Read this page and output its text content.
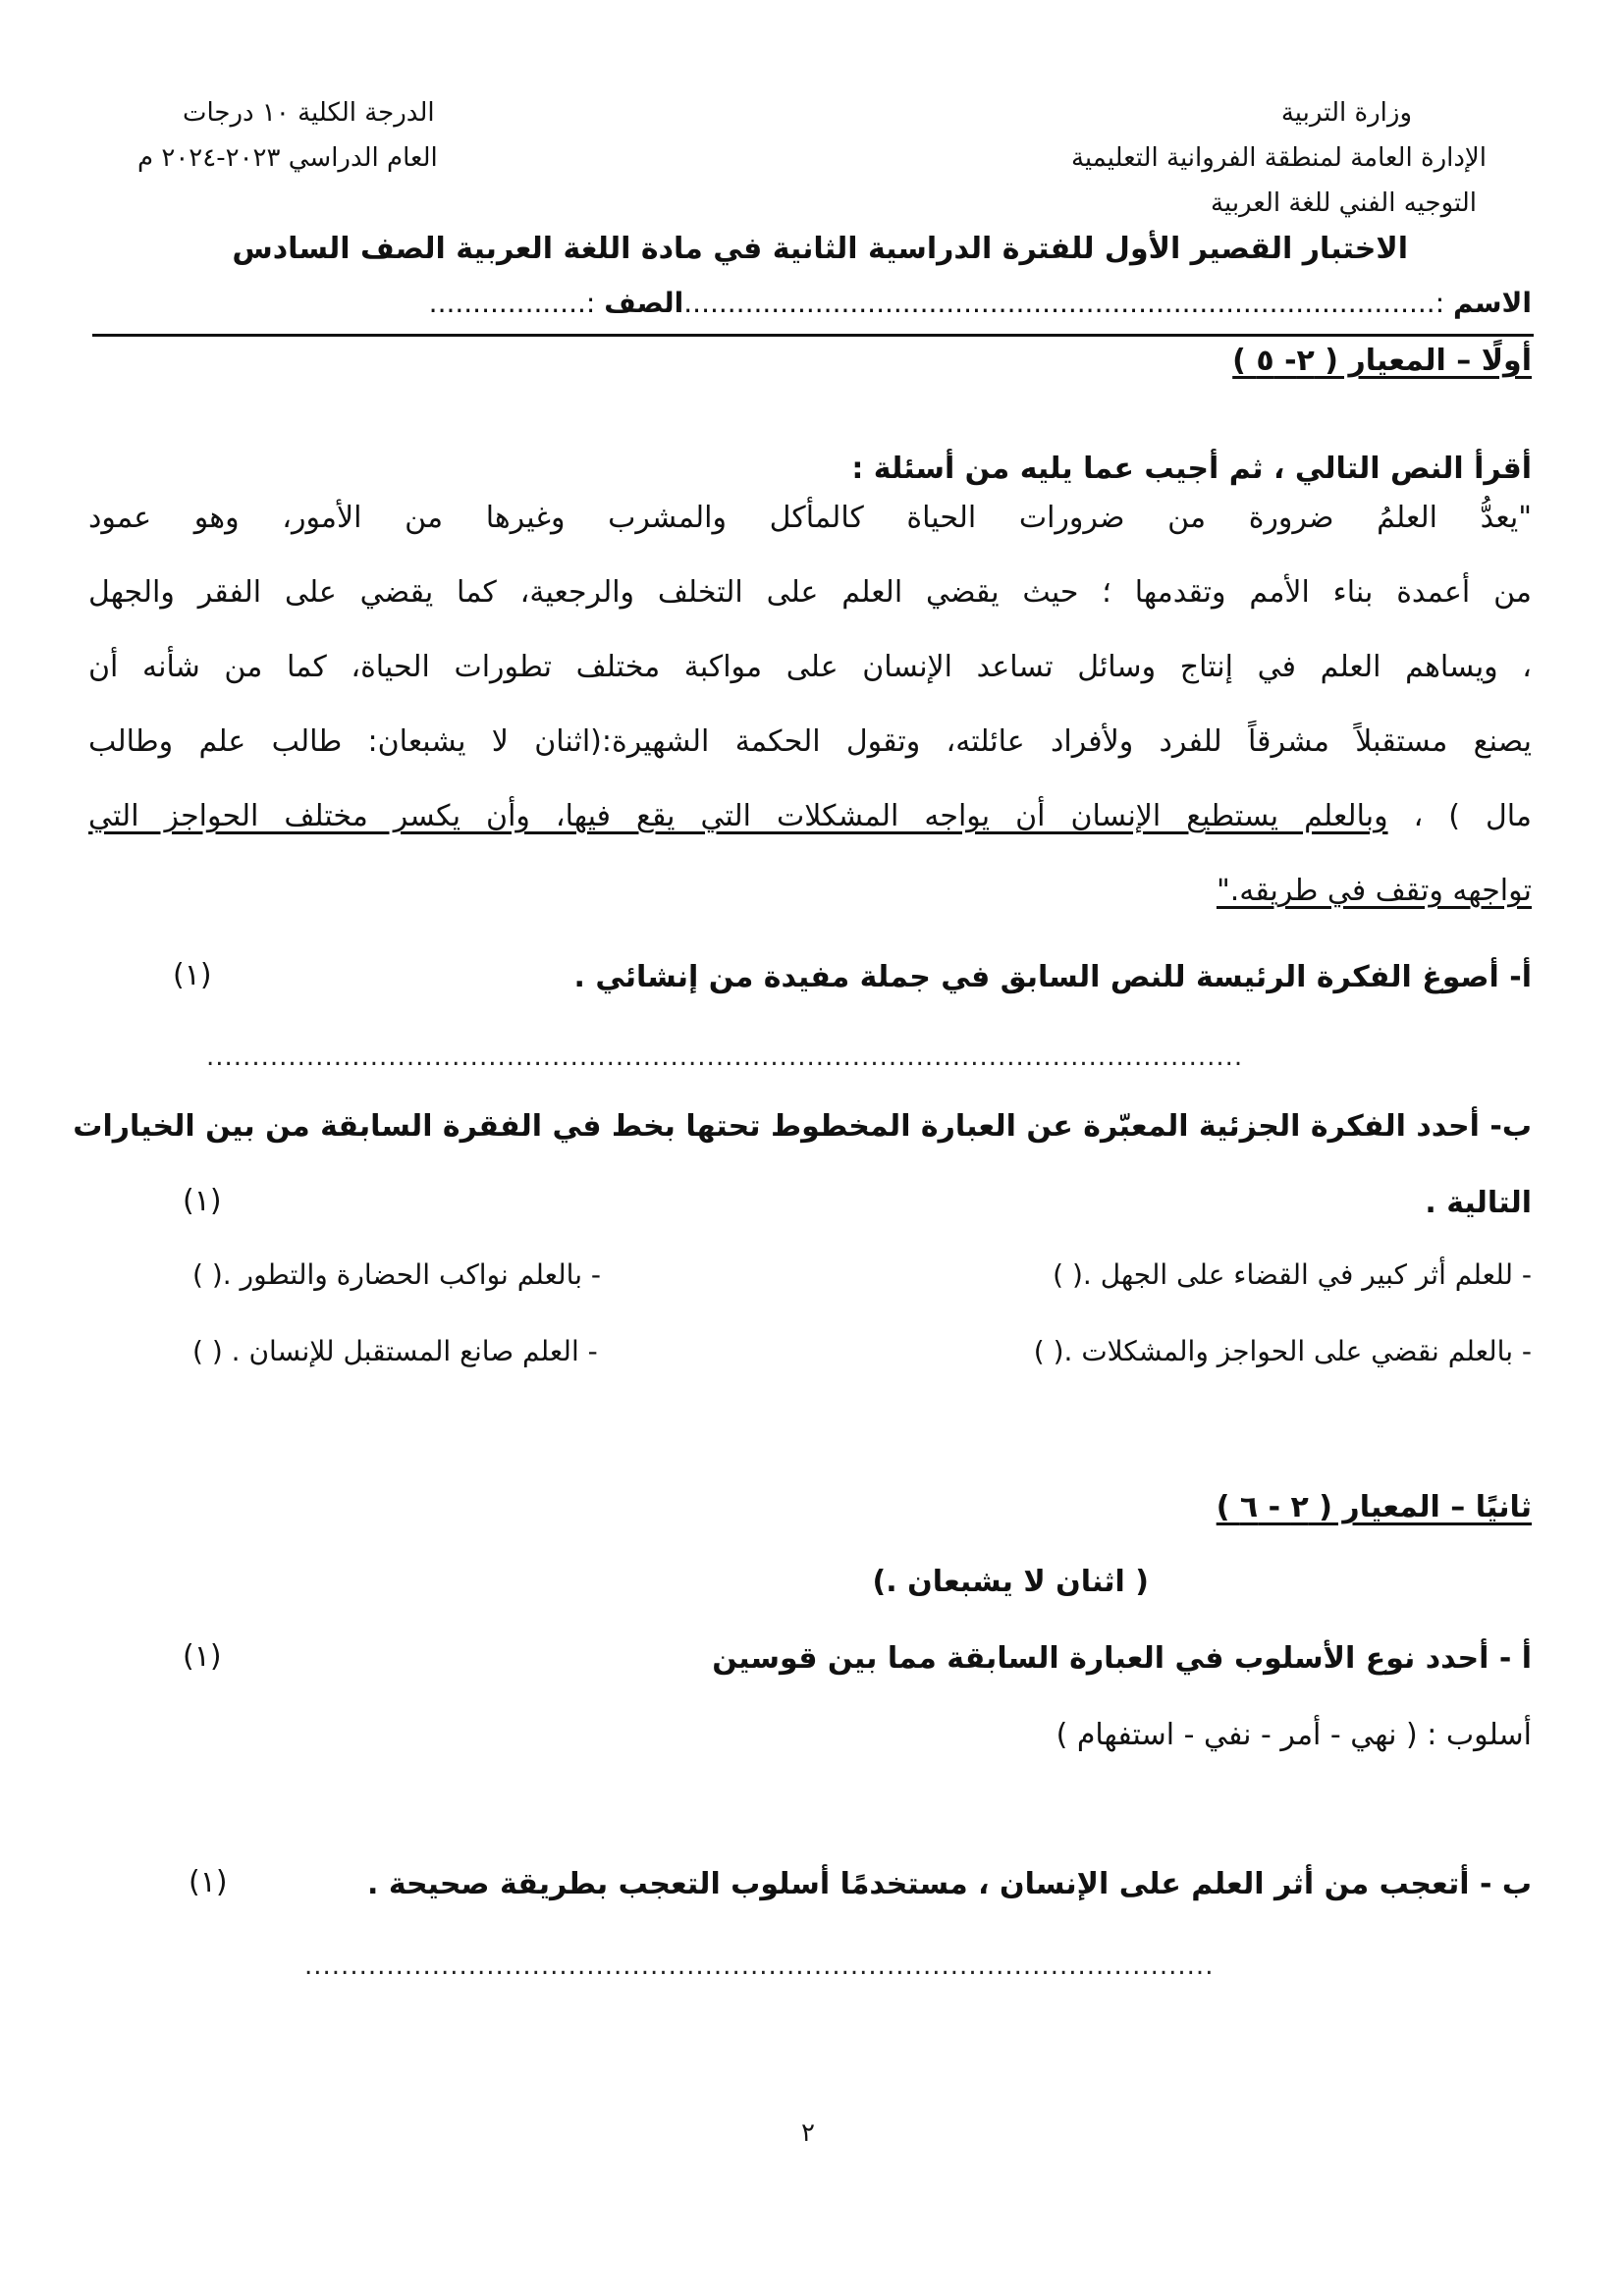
الدرجة الكلية ١٠ درجات
العام الدراسي ٢٠٢٣-٢٠٢٤ م
وزارة التربية
الإدارة العامة لمنطقة الفروانية التعليمية
التوجيه الفني للغة العربية
الاختبار القصير الأول للفترة الدراسية الثانية في مادة اللغة العربية الصف السادس
الاسم :......................................................................................الصف :..................
أولًا – المعيار ( ٢- ٥ )
أقرأ النص التالي ، ثم أجيب عما يليه من أسئلة :
"يعدُّ العلمُ ضرورة من ضرورات الحياة كالمأكل والمشرب وغيرها من الأمور، وهو عمود
من أعمدة بناء الأمم وتقدمها ؛ حيث يقضي العلم على التخلف والرجعية، كما يقضي على الفقر والجهل
، ويساهم العلم في إنتاج وسائل تساعد الإنسان على مواكبة مختلف تطورات الحياة، كما من شأنه أن
يصنع مستقبلاً مشرقاً للفرد ولأفراد عائلته، وتقول الحكمة الشهيرة:(اثنان لا يشبعان: طالب علم وطالب
مال ) ، وبالعلم يستطيع الإنسان أن يواجه المشكلات التي يقع فيها، وأن يكسر مختلف الحواجز التي
تواجهه وتقف في طريقه."
أ- أصوغ الفكرة الرئيسة للنص السابق في جملة مفيدة من إنشائي .
(١)
..................................................................................................................
ب- أحدد الفكرة الجزئية المعبّرة عن العبارة المخطوط تحتها بخط في الفقرة السابقة من بين الخيارات
التالية .
(١)
- للعلم أثر كبير في القضاء على الجهل .( )
- بالعلم نواكب الحضارة والتطور .( )
- بالعلم نقضي على الحواجز والمشكلات .( )
- العلم صانع المستقبل للإنسان . ( )
ثانيًا – المعيار ( ٢ - ٦ )
( اثنان لا يشبعان .)
أ - أحدد نوع الأسلوب في العبارة السابقة مما بين قوسين
(١)
أسلوب : ( نهي - أمر - نفي - استفهام )
ب - أتعجب من أثر العلم على الإنسان ، مستخدمًا أسلوب التعجب بطريقة صحيحة .
(١)
....................................................................................................
٢
